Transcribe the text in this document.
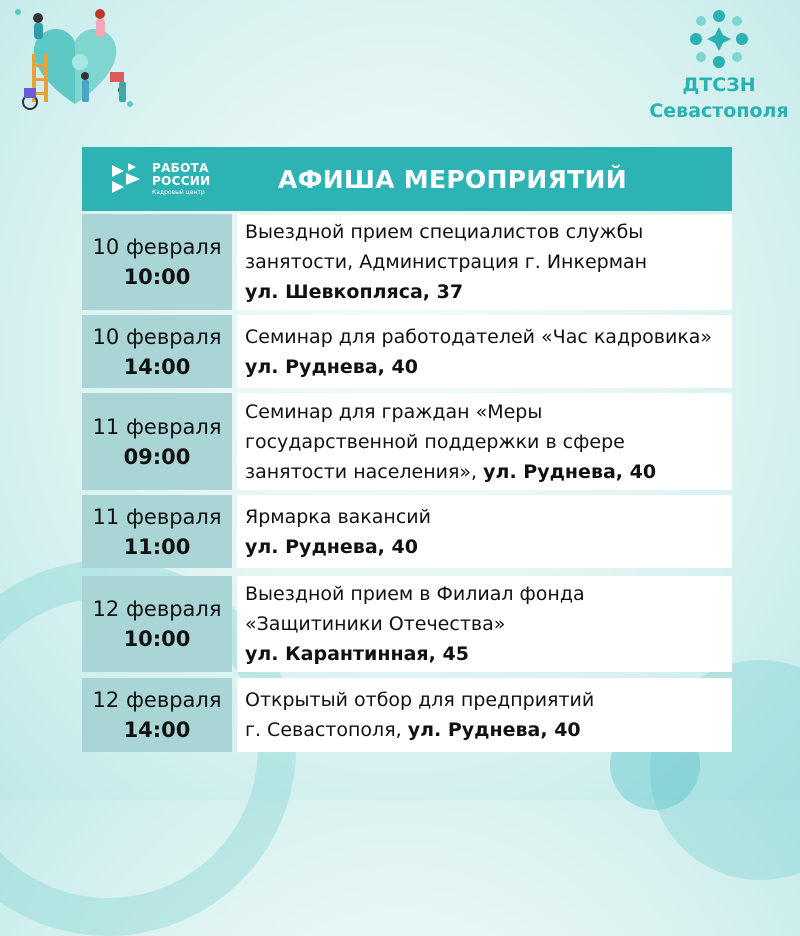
ДТСЗН
Севастополя
РАБОТА
РОССИИ
Кадровый центр	АФИША МЕРОПРИЯТИЙ
10 февраля
10:00
Выездной прием специалистов службы
занятости, Администрация г. Инкерман
ул. Шевкопляса, 37
10 февраля
14:00
Семинар для работодателей «Час кадровика»
ул. Руднева, 40
11 февраля
09:00
Семинар для граждан «Меры
государственной поддержки в сфере
занятости населения», ул. Руднева, 40
11 февраля
11:00
Ярмарка вакансий
ул. Руднева, 40
12 февраля
10:00
Выездной прием в Филиал фонда
«Защитиники Отечества»
ул. Карантинная, 45
12 февраля
14:00
Открытый отбор для предприятий
г. Севастополя, ул. Руднева, 40
